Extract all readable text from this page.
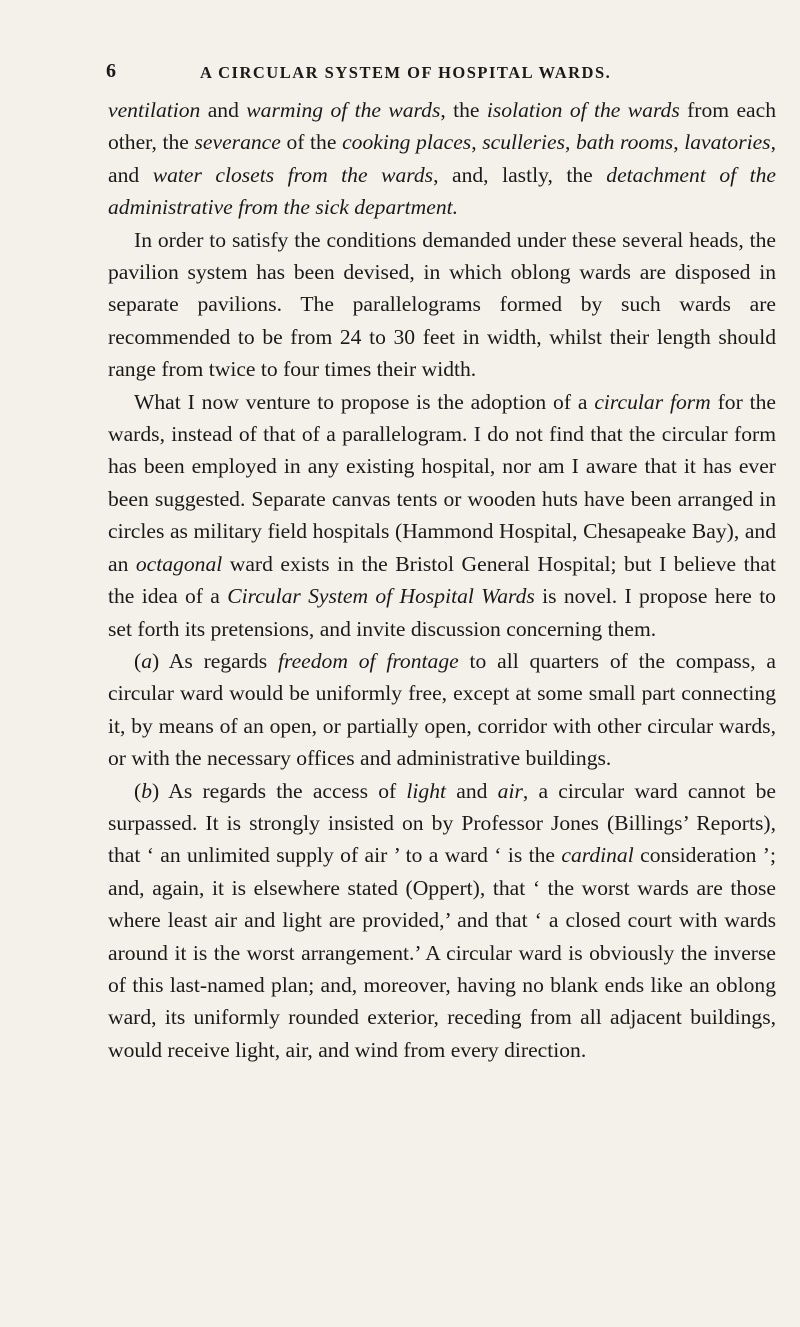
6	A CIRCULAR SYSTEM OF HOSPITAL WARDS.

ventilation and warming of the wards, the isolation of the wards from each other, the severance of the cooking places, sculleries, bath rooms, lavatories, and water closets from the wards, and, lastly, the detachment of the administrative from the sick department.

In order to satisfy the conditions demanded under these several heads, the pavilion system has been devised, in which oblong wards are disposed in separate pavilions. The parallelograms formed by such wards are recommended to be from 24 to 30 feet in width, whilst their length should range from twice to four times their width.

What I now venture to propose is the adoption of a circular form for the wards, instead of that of a parallelogram. I do not find that the circular form has been employed in any existing hospital, nor am I aware that it has ever been suggested. Separate canvas tents or wooden huts have been arranged in circles as military field hospitals (Hammond Hospital, Chesapeake Bay), and an octagonal ward exists in the Bristol General Hospital; but I believe that the idea of a Circular System of Hospital Wards is novel. I propose here to set forth its pretensions, and invite discussion concerning them.

(a) As regards freedom of frontage to all quarters of the compass, a circular ward would be uniformly free, except at some small part connecting it, by means of an open, or partially open, corridor with other circular wards, or with the necessary offices and administrative buildings.

(b) As regards the access of light and air, a circular ward cannot be surpassed. It is strongly insisted on by Professor Jones (Billings’ Reports), that ‘ an unlimited supply of air ’ to a ward ‘ is the cardinal consideration ’; and, again, it is elsewhere stated (Oppert), that ‘ the worst wards are those where least air and light are provided,’ and that ‘ a closed court with wards around it is the worst arrangement.’ A circular ward is obviously the inverse of this last-named plan; and, moreover, having no blank ends like an oblong ward, its uniformly rounded exterior, receding from all adjacent buildings, would receive light, air, and wind from every direction.
